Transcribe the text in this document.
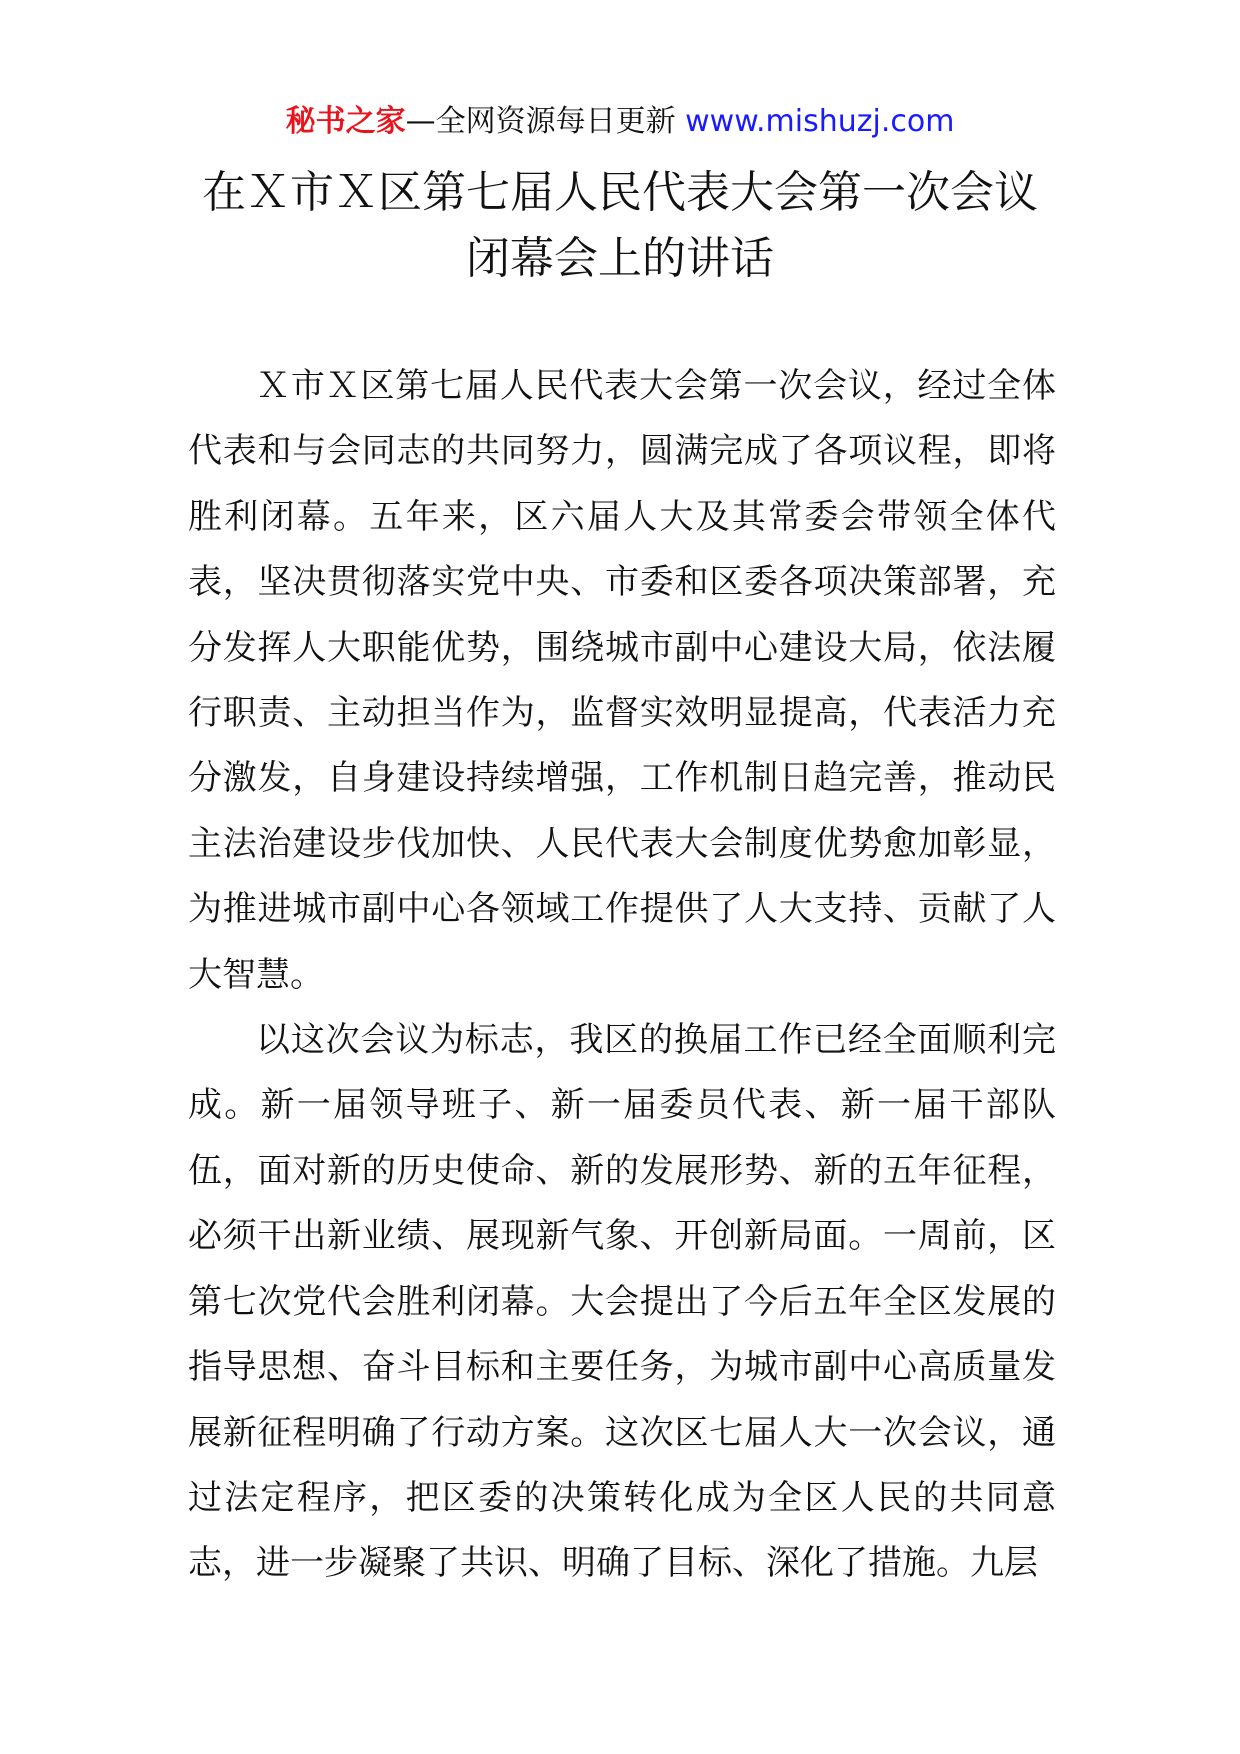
秘书之家—全网资源每日更新 www.mishuzj.com
在Ｘ市Ｘ区第七届人民代表大会第一次会议
闭幕会上的讲话

Ｘ市Ｘ区第七届人民代表大会第一次会议，经过全体代表和与会同志的共同努力，圆满完成了各项议程，即将胜利闭幕。五年来，区六届人大及其常委会带领全体代表，坚决贯彻落实党中央、市委和区委各项决策部署，充分发挥人大职能优势，围绕城市副中心建设大局，依法履行职责、主动担当作为，监督实效明显提高，代表活力充分激发，自身建设持续增强，工作机制日趋完善，推动民主法治建设步伐加快、人民代表大会制度优势愈加彰显，为推进城市副中心各领域工作提供了人大支持、贡献了人大智慧。

以这次会议为标志，我区的换届工作已经全面顺利完成。新一届领导班子、新一届委员代表、新一届干部队伍，面对新的历史使命、新的发展形势、新的五年征程，必须干出新业绩、展现新气象、开创新局面。一周前，区第七次党代会胜利闭幕。大会提出了今后五年全区发展的指导思想、奋斗目标和主要任务，为城市副中心高质量发展新征程明确了行动方案。这次区七届人大一次会议，通过法定程序，把区委的决策转化成为全区人民的共同意志，进一步凝聚了共识、明确了目标、深化了措施。九层
